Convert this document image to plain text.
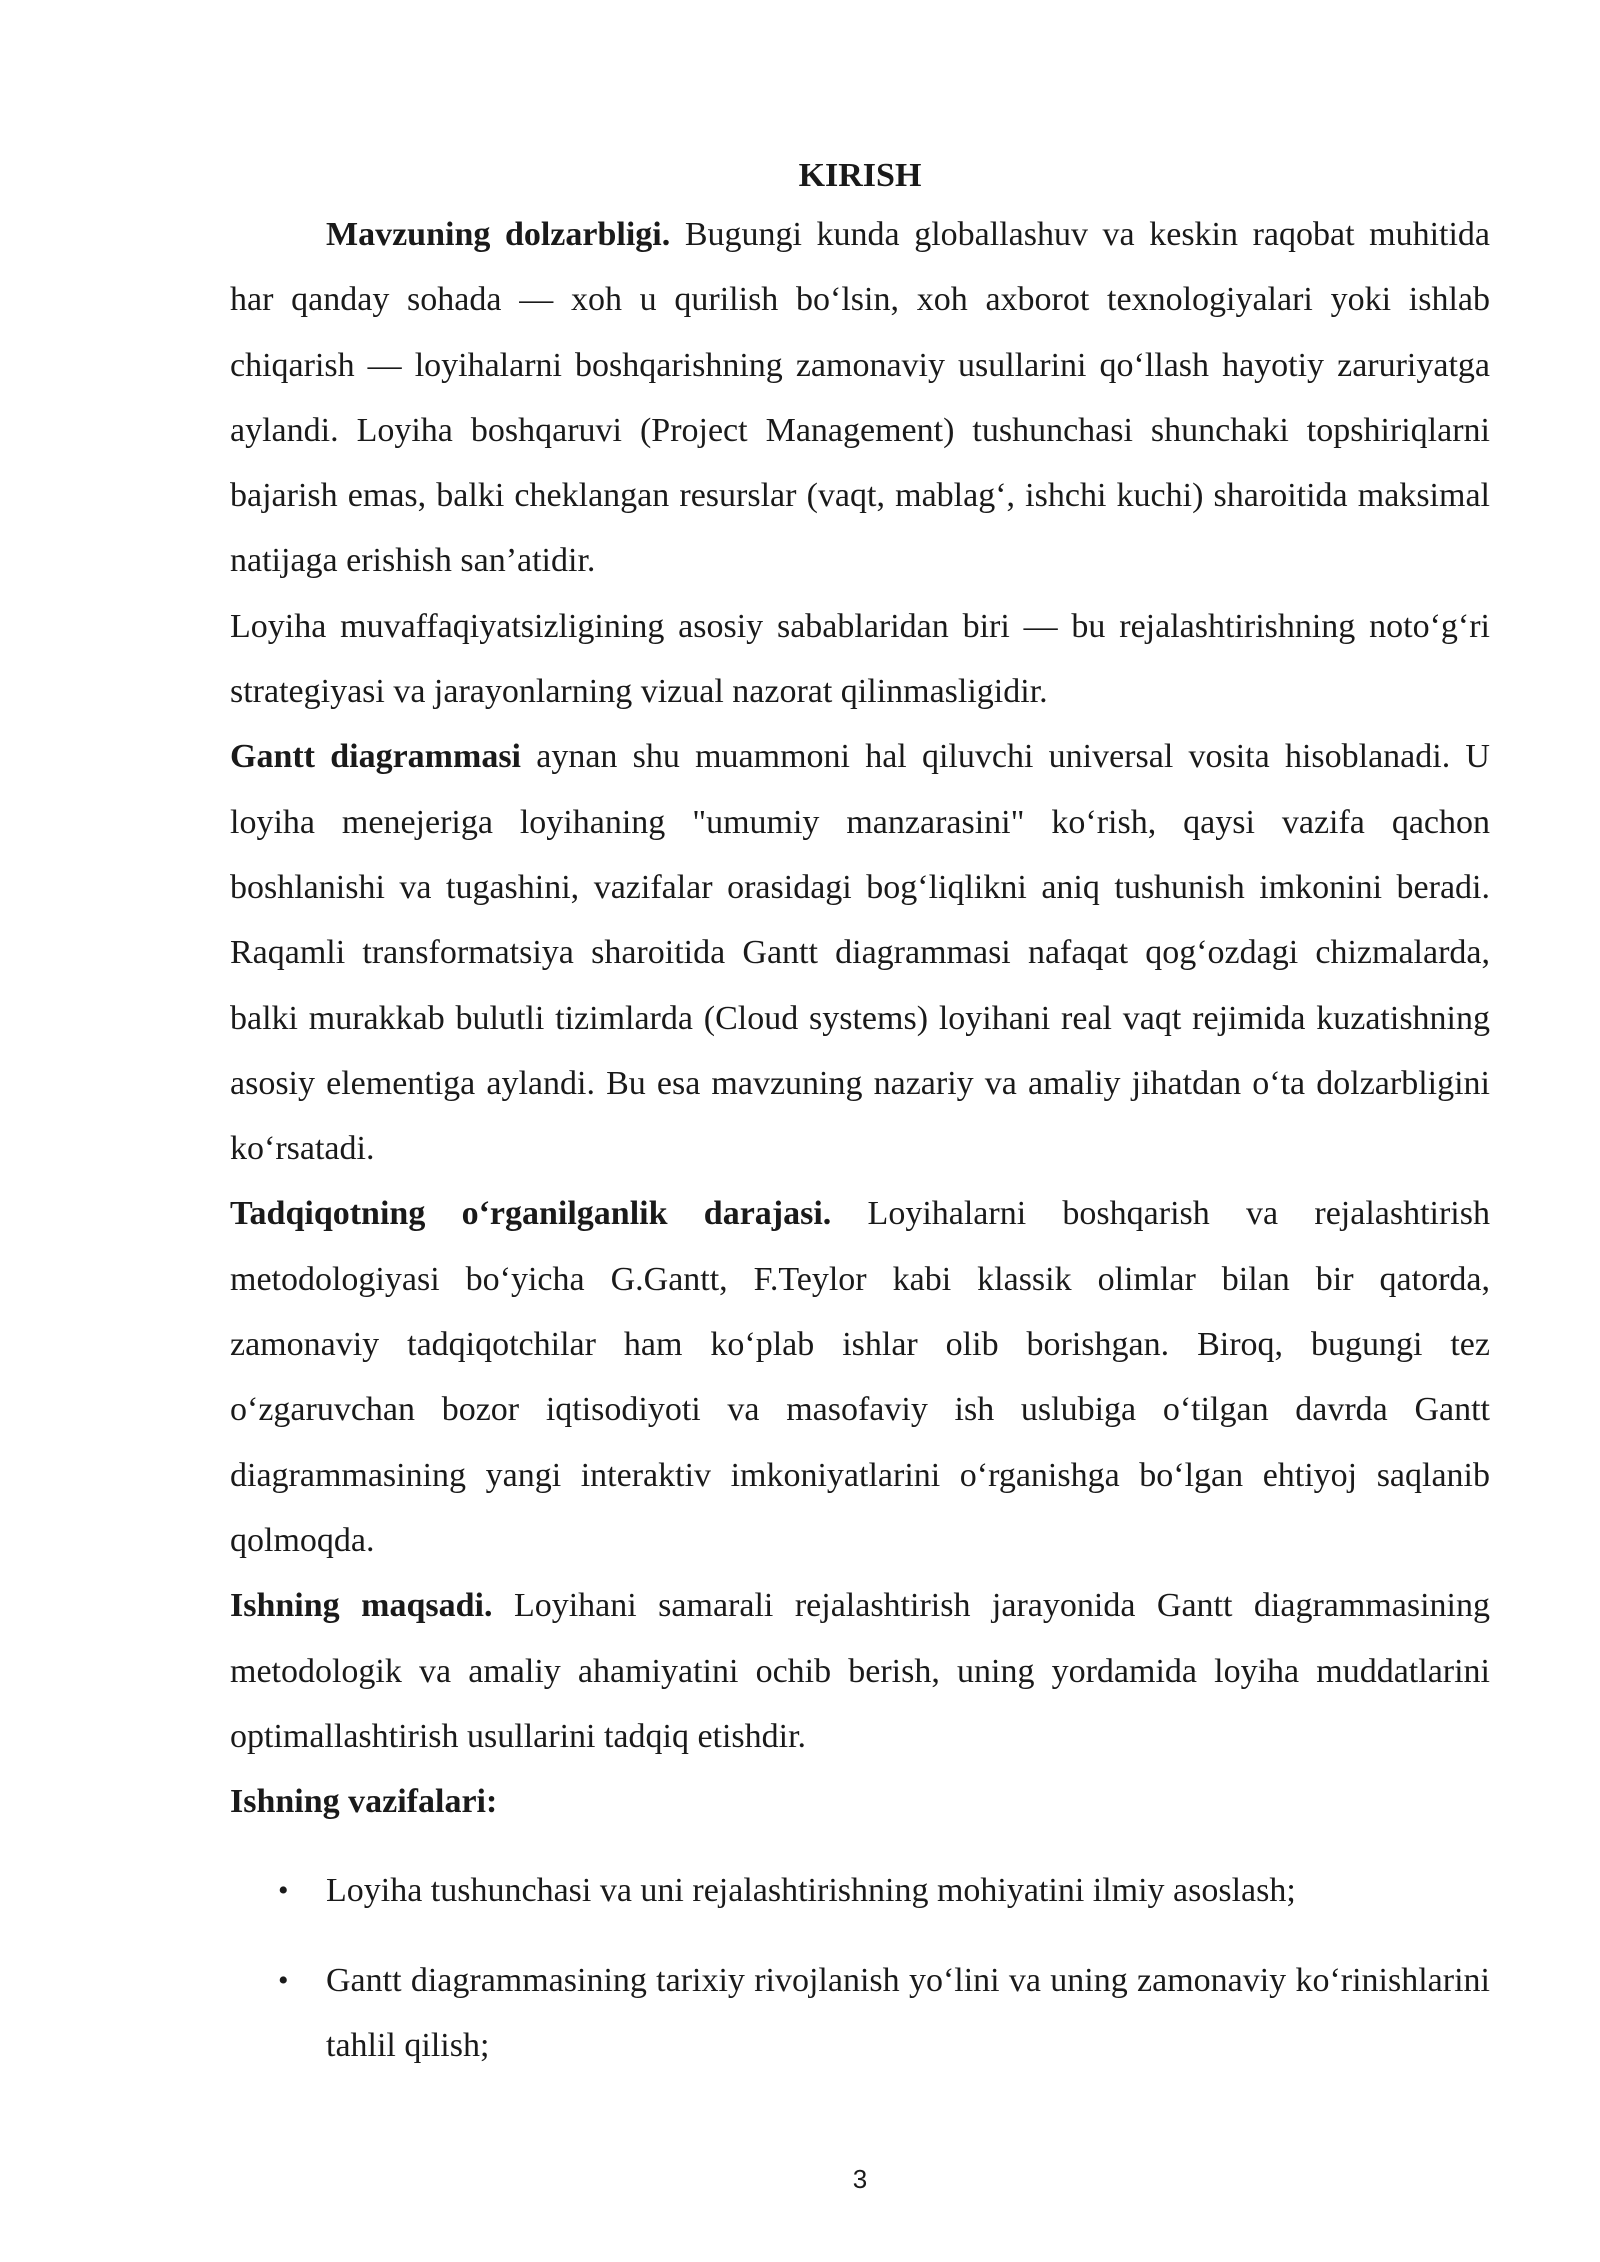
KIRISH

Mavzuning dolzarbligi. Bugungi kunda globallashuv va keskin raqobat muhitida har qanday sohada — xoh u qurilish bo‘lsin, xoh axborot texnologiyalari yoki ishlab chiqarish — loyihalarni boshqarishning zamonaviy usullarini qo‘llash hayotiy zaruriyatga aylandi. Loyiha boshqaruvi (Project Management) tushunchasi shunchaki topshiriqlarni bajarish emas, balki cheklangan resurslar (vaqt, mablag‘, ishchi kuchi) sharoitida maksimal natijaga erishish san’atidir.

Loyiha muvaffaqiyatsizligining asosiy sabablaridan biri — bu rejalashtirishning noto‘g‘ri strategiyasi va jarayonlarning vizual nazorat qilinmasligidir.

Gantt diagrammasi aynan shu muammoni hal qiluvchi universal vosita hisoblanadi. U loyiha menejeriga loyihaning "umumiy manzarasini" ko‘rish, qaysi vazifa qachon boshlanishi va tugashini, vazifalar orasidagi bog‘liqlikni aniq tushunish imkonini beradi. Raqamli transformatsiya sharoitida Gantt diagrammasi nafaqat qog‘ozdagi chizmalarda, balki murakkab bulutli tizimlarda (Cloud systems) loyihani real vaqt rejimida kuzatishning asosiy elementiga aylandi. Bu esa mavzuning nazariy va amaliy jihatdan o‘ta dolzarbligini ko‘rsatadi.

Tadqiqotning o‘rganilganlik darajasi. Loyihalarni boshqarish va rejalashtirish metodologiyasi bo‘yicha G.Gantt, F.Teylor kabi klassik olimlar bilan bir qatorda, zamonaviy tadqiqotchilar ham ko‘plab ishlar olib borishgan. Biroq, bugungi tez o‘zgaruvchan bozor iqtisodiyoti va masofaviy ish uslubiga o‘tilgan davrda Gantt diagrammasining yangi interaktiv imkoniyatlarini o‘rganishga bo‘lgan ehtiyoj saqlanib qolmoqda.

Ishning maqsadi. Loyihani samarali rejalashtirish jarayonida Gantt diagrammasining metodologik va amaliy ahamiyatini ochib berish, uning yordamida loyiha muddatlarini optimallashtirish usullarini tadqiq etishdir.

Ishning vazifalari:

• Loyiha tushunchasi va uni rejalashtirishning mohiyatini ilmiy asoslash;
• Gantt diagrammasining tarixiy rivojlanish yo‘lini va uning zamonaviy ko‘rinishlarini tahlil qilish;
3
